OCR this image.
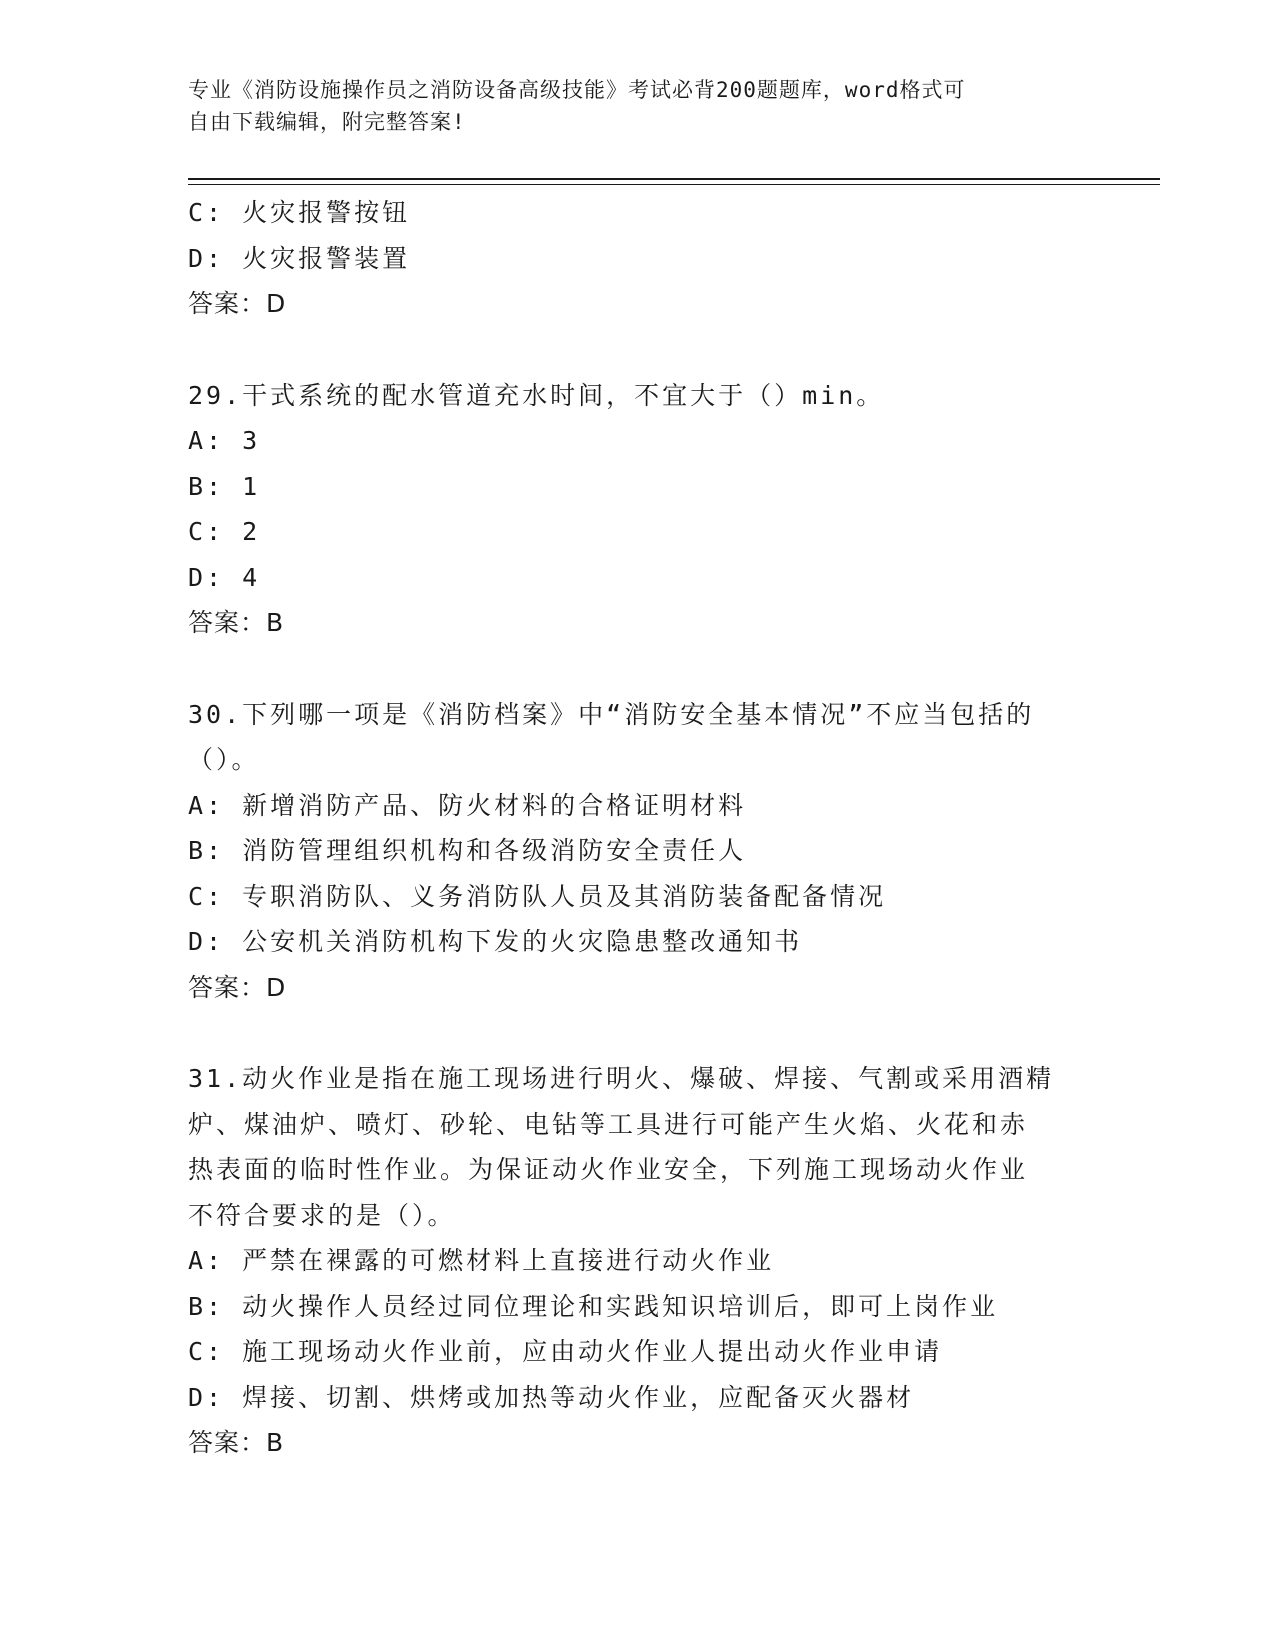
专业《消防设施操作员之消防设备高级技能》考试必背200题题库，word格式可
自由下载编辑，附完整答案!
C: 火灾报警按钮
D: 火灾报警装置
答案：D
29.干式系统的配水管道充水时间，不宜大于（）min。
A: 3
B: 1
C: 2
D: 4
答案：B
30.下列哪一项是《消防档案》中“消防安全基本情况”不应当包括的
（）。
A: 新增消防产品、防火材料的合格证明材料
B: 消防管理组织机构和各级消防安全责任人
C: 专职消防队、义务消防队人员及其消防装备配备情况
D: 公安机关消防机构下发的火灾隐患整改通知书
答案：D
31.动火作业是指在施工现场进行明火、爆破、焊接、气割或采用酒精
炉、煤油炉、喷灯、砂轮、电钻等工具进行可能产生火焰、火花和赤
热表面的临时性作业。为保证动火作业安全，下列施工现场动火作业
不符合要求的是（）。
A: 严禁在裸露的可燃材料上直接进行动火作业
B: 动火操作人员经过同位理论和实践知识培训后，即可上岗作业
C: 施工现场动火作业前，应由动火作业人提出动火作业申请
D: 焊接、切割、烘烤或加热等动火作业，应配备灭火器材
答案：B
